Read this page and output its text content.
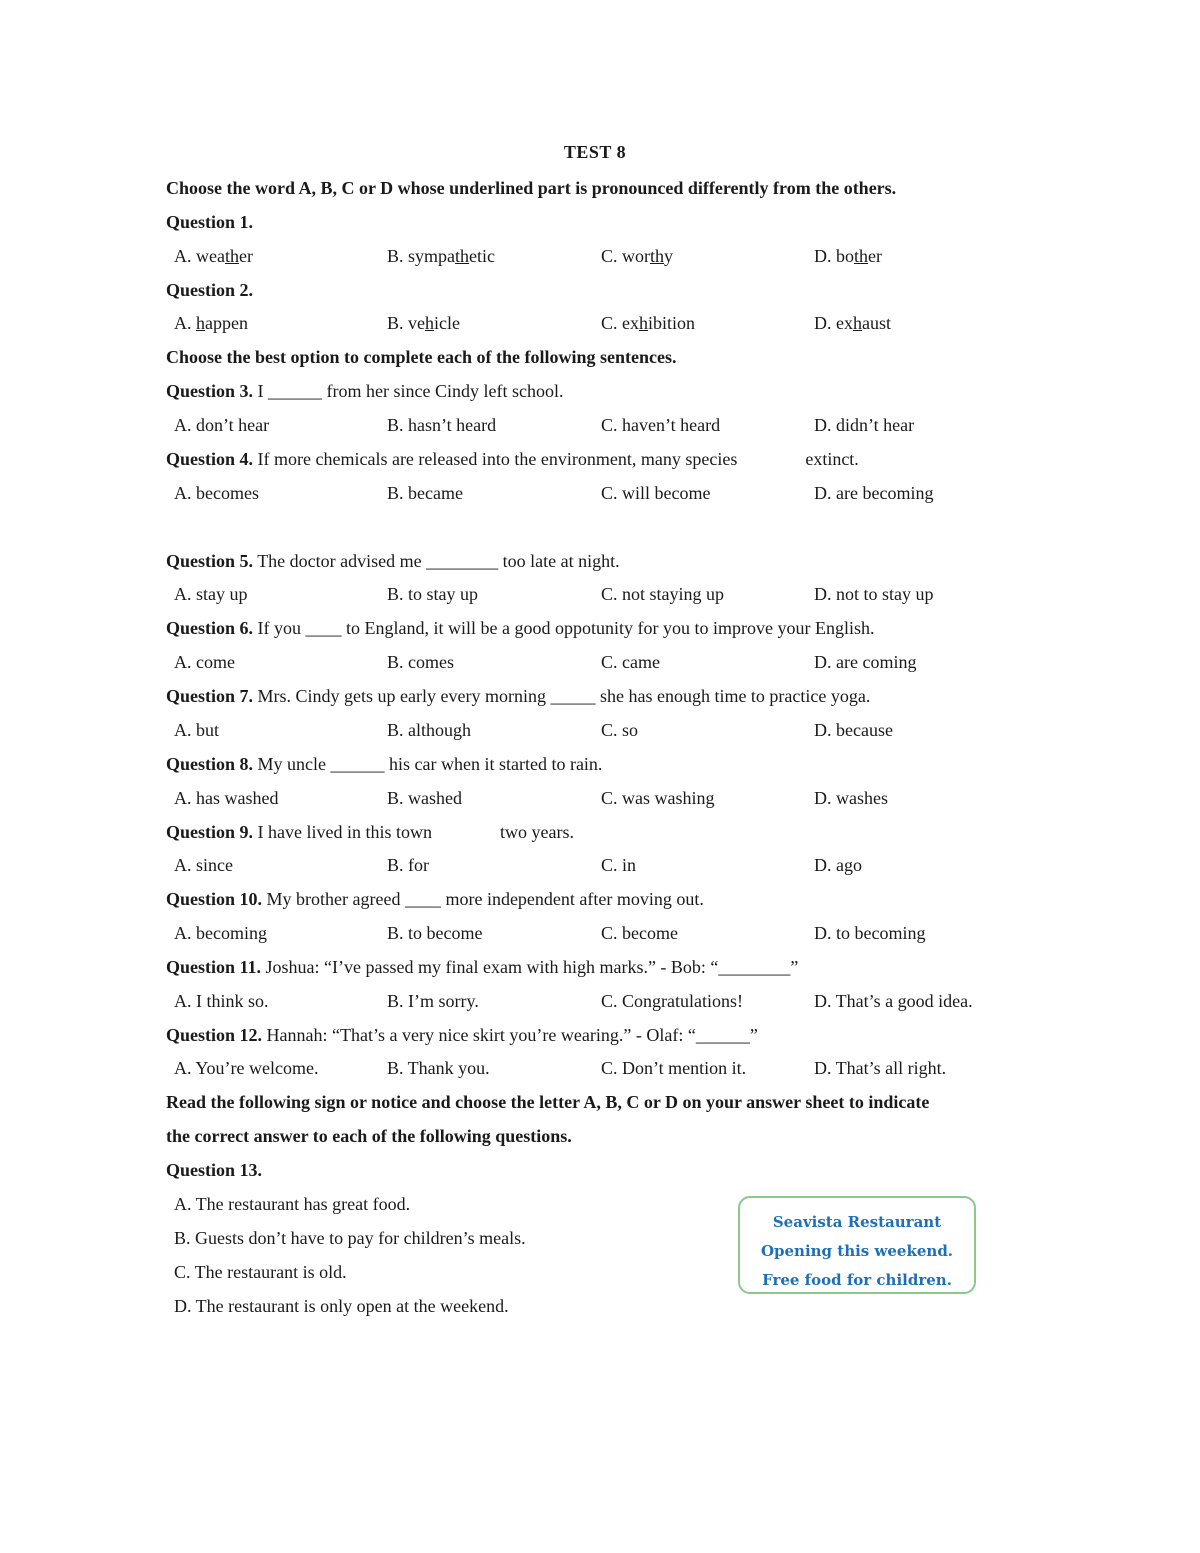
TEST 8
Choose the word A, B, C or D whose underlined part is pronounced differently from the others.
Question 1.
A. weather	B. sympathetic	C. worthy	D. bother
Question 2.
A. happen	B. vehicle	C. exhibition	D. exhaust
Choose the best option to complete each of the following sentences.
Question 3. I ______ from her since Cindy left school.
A. don’t hear	B. hasn’t heard	C. haven’t heard	D. didn’t hear
Question 4. If more chemicals are released into the environment, many species	extinct.
A. becomes	B. became	C. will become	D. are becoming
Question 5. The doctor advised me ________ too late at night.
A. stay up	B. to stay up	C. not staying up	D. not to stay up
Question 6. If you ____ to England, it will be a good oppotunity for you to improve your English.
A. come	B. comes	C. came	D. are coming
Question 7. Mrs. Cindy gets up early every morning _____ she has enough time to practice yoga.
A. but	B. although	C. so	D. because
Question 8. My uncle ______ his car when it started to rain.
A. has washed	B. washed	C. was washing	D. washes
Question 9. I have lived in this town	two years.
A. since	B. for	C. in	D. ago
Question 10. My brother agreed ____ more independent after moving out.
A. becoming	B. to become	C. become	D. to becoming
Question 11. Joshua: “I’ve passed my final exam with high marks.” - Bob: “________”
A. I think so.	B. I’m sorry.	C. Congratulations!	D. That’s a good idea.
Question 12. Hannah: “That’s a very nice skirt you’re wearing.” - Olaf: “______”
A. You’re welcome.	B. Thank you.	C. Don’t mention it.	D. That’s all right.
Read the following sign or notice and choose the letter A, B, C or D on your answer sheet to indicate
the correct answer to each of the following questions.
Question 13.
A. The restaurant has great food.
B. Guests don’t have to pay for children’s meals.
C. The restaurant is old.
D. The restaurant is only open at the weekend.
Seavista Restaurant
Opening this weekend.
Free food for children.
